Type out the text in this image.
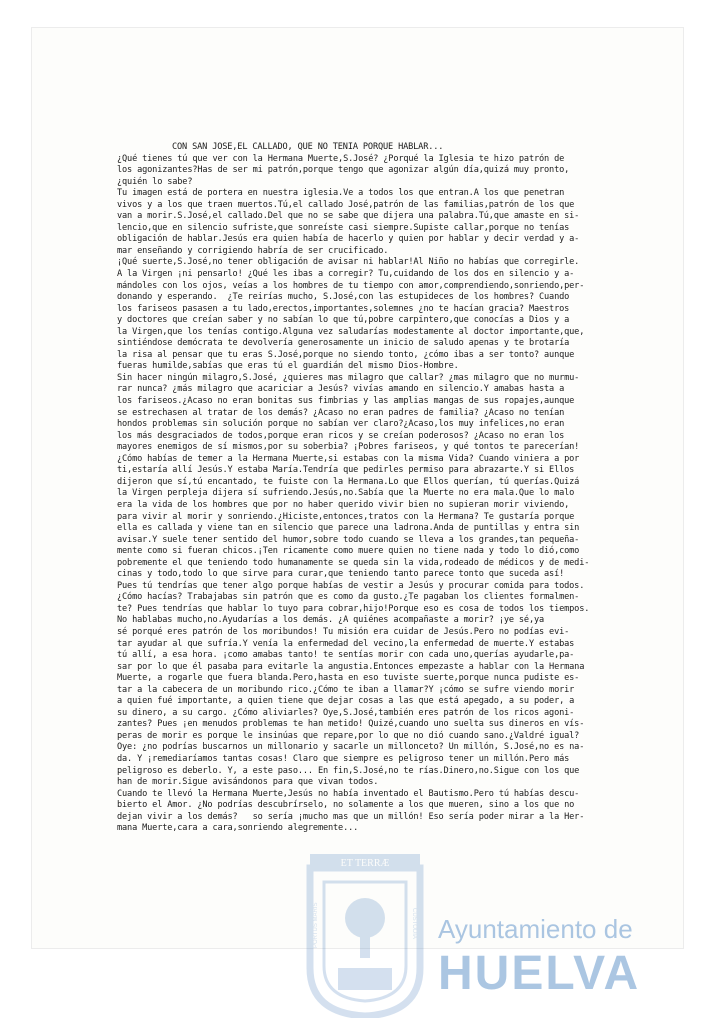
CON SAN JOSE,EL CALLADO, QUE NO TENIA PORQUE HABLAR...

¿Qué tienes tú que ver con la Hermana Muerte,S.José? ¿Porqué la Iglesia te hizo patrón de
los agonizantes?Has de ser mi patrón,porque tengo que agonizar algún día,quizá muy pronto,
¿quién lo sabe?

Tu imagen está de portera en nuestra iglesia.Ve a todos los que entran.A los que penetran
vivos y a los que traen muertos.Tú,el callado José,patrón de las familias,patrón de los que
van a morir.S.José,el callado.Del que no se sabe que dijera una palabra.Tú,que amaste en si-
lencio,que en silencio sufriste,que sonreíste casi siempre.Supiste callar,porque no tenías
obligación de hablar.Jesús era quien había de hacerlo y quien por hablar y decir verdad y a-
mar enseñando y corrigiendo habría de ser crucificado.

¡Qué suerte,S.José,no tener obligación de avisar ni hablar!Al Niño no habías que corregirle.
A la Virgen ¡ni pensarlo! ¿Qué les ibas a corregir? Tu,cuidando de los dos en silencio y a-
mándoles con los ojos, veías a los hombres de tu tiempo con amor,comprendiendo,sonriendo,per-
donando y esperando.  ¿Te reirías mucho, S.José,con las estupideces de los hombres? Cuando
los fariseos pasasen a tu lado,erectos,importantes,solemnes ¿no te hacían gracia? Maestros
y doctores que creían saber y no sabían lo que tú,pobre carpintero,que conocías a Dios y a
la Virgen,que los tenías contigo.Alguna vez saludarías modestamente al doctor importante,que,
sintiéndose demócrata te devolvería generosamente un inicio de saludo apenas y te brotaría
la risa al pensar que tu eras S.José,porque no siendo tonto, ¿cómo ibas a ser tonto? aunque
fueras humilde,sabías que eras tú el guardián del mismo Dios-Hombre.

Sin hacer ningún milagro,S.José, ¿quieres mas milagro que callar? ¿mas milagro que no murmu-
rar nunca? ¿más milagro que acariciar a Jesús? vivías amando en silencio.Y amabas hasta a
los fariseos.¿Acaso no eran bonitas sus fimbrias y las amplias mangas de sus ropajes,aunque
se estrechasen al tratar de los demás? ¿Acaso no eran padres de familia? ¿Acaso no tenían
hondos problemas sin solución porque no sabían ver claro?¿Acaso,los muy infelices,no eran
los más desgraciados de todos,porque eran ricos y se creían poderosos? ¿Acaso no eran los
mayores enemigos de sí mismos,por su soberbia? ¡Pobres fariseos, y qué tontos te parecerían!
¿Cómo habías de temer a la Hermana Muerte,si estabas con la misma Vida? Cuando viniera a por
ti,estaría allí Jesús.Y estaba María.Tendría que pedirles permiso para abrazarte.Y si Ellos
dijeron que sí,tú encantado, te fuiste con la Hermana.Lo que Ellos querían, tú querías.Quizá
la Virgen perpleja dijera sí sufriendo.Jesús,no.Sabía que la Muerte no era mala.Que lo malo
era la vida de los hombres que por no haber querido vivir bien no supieran morir viviendo,
para vivir al morir y sonriendo.¿Hiciste,entonces,tratos con la Hermana? Te gustaría porque
ella es callada y viene tan en silencio que parece una ladrona.Anda de puntillas y entra sin
avisar.Y suele tener sentido del humor,sobre todo cuando se lleva a los grandes,tan pequeña-
mente como si fueran chicos.¡Ten ricamente como muere quien no tiene nada y todo lo dió,como
pobremente el que teniendo todo humanamente se queda sin la vida,rodeado de médicos y de medi-
cinas y todo,todo lo que sirve para curar,que teniendo tanto parece tonto que suceda así!
Pues tú tendrías que tener algo porque habías de vestir a Jesús y procurar comida para todos.
¿Cómo hacías? Trabajabas sin patrón que es como da gusto.¿Te pagaban los clientes formalmen-
te? Pues tendrías que hablar lo tuyo para cobrar,hijo!Porque eso es cosa de todos los tiempos.
No hablabas mucho,no.Ayudarías a los demás. ¿A quiénes acompañaste a morir? ¡ye sé,ya
sé porqué eres patrón de los moribundos! Tu misión era cuidar de Jesús.Pero no podías evi-
tar ayudar al que sufría.Y venía la enfermedad del vecino,la enfermedad de muerte.Y estabas
tú allí, a esa hora. ¡como amabas tanto! te sentías morir con cada uno,querías ayudarle,pa-
sar por lo que él pasaba para evitarle la angustia.Entonces empezaste a hablar con la Hermana
Muerte, a rogarle que fuera blanda.Pero,hasta en eso tuviste suerte,porque nunca pudiste es-
tar a la cabecera de un moribundo rico.¿Cómo te iban a llamar?Y ¡cómo se sufre viendo morir
a quien fué importante, a quien tiene que dejar cosas a las que está apegado, a su poder, a
su dinero, a su cargo. ¿Cómo aliviarles? Oye,S.José,también eres patrón de los ricos agoni-
zantes? Pues ¡en menudos problemas te han metido! Quizé,cuando uno suelta sus dineros en vís-
peras de morir es porque le insinúas que repare,por lo que no dió cuando sano.¿Valdré igual?
Oye: ¿no podrías buscarnos un millonario y sacarle un millonceto? Un millón, S.José,no es na-
da. Y ¡remediaríamos tantas cosas! Claro que siempre es peligroso tener un millón.Pero más
peligroso es deberlo. Y, a este paso... En fin,S.José,no te rías.Dinero,no.Sigue con los que
han de morir.Sigue avisándonos para que vivan todos.

Cuando te llevó la Hermana Muerte,Jesús no había inventado el Bautismo.Pero tú habías descu-
bierto el Amor. ¿No podrías descubrírselo, no solamente a los que mueren, sino a los que no
dejan vivir a los demás?   so sería ¡mucho mas que un millón! Eso sería poder mirar a la Her-
mana Muerte,cara a cara,sonriendo alegremente...

ET TERRÆ
PORTUS MARIS	CUSTODIA Ayuntamiento de
HUELVA
